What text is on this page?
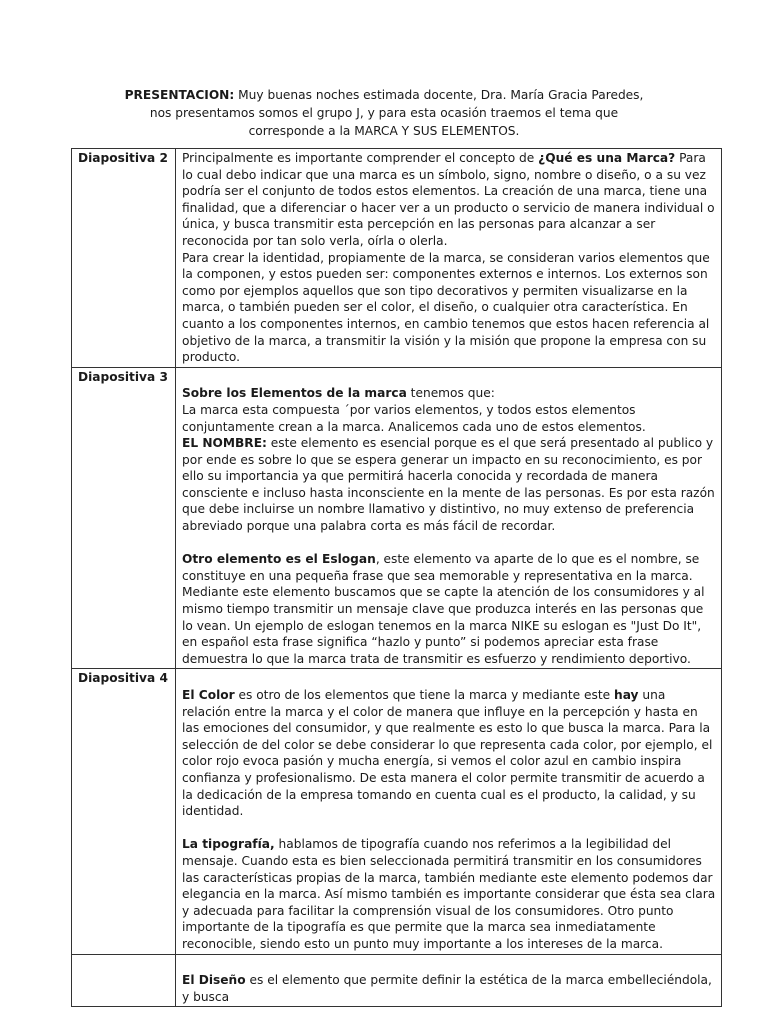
PRESENTACION: Muy buenas noches estimada docente, Dra. María Gracia Paredes, nos presentamos somos el grupo J, y para esta ocasión traemos el tema que corresponde a la MARCA Y SUS ELEMENTOS.
Diapositiva 2	Principalmente es importante comprender el concepto de ¿Qué es una Marca? Para lo cual debo indicar que una marca es un símbolo, signo, nombre o diseño, o a su vez podría ser el conjunto de todos estos elementos. La creación de una marca, tiene una finalidad, que a diferenciar o hacer ver a un producto o servicio de manera individual o única, y busca transmitir esta percepción en las personas para alcanzar a ser reconocida por tan solo verla, oírla o olerla.
Para crear la identidad, propiamente de la marca, se consideran varios elementos que la componen, y estos pueden ser: componentes externos e internos. Los externos son como por ejemplos aquellos que son tipo decorativos y permiten visualizarse en la marca, o también pueden ser el color, el diseño, o cualquier otra característica. En cuanto a los componentes internos, en cambio tenemos que estos hacen referencia al objetivo de la marca, a transmitir la visión y la misión que propone la empresa con su producto.

Diapositiva 3	Sobre los Elementos de la marca tenemos que:
La marca esta compuesta ´por varios elementos, y todos estos elementos conjuntamente crean a la marca. Analicemos cada uno de estos elementos.
EL NOMBRE: este elemento es esencial porque es el que será presentado al publico y por ende es sobre lo que se espera generar un impacto en su reconocimiento, es por ello su importancia ya que permitirá hacerla conocida y recordada de manera consciente e incluso hasta inconsciente en la mente de las personas. Es por esta razón que debe incluirse un nombre llamativo y distintivo, no muy extenso de preferencia abreviado porque una palabra corta es más fácil de recordar.
Otro elemento es el Eslogan, este elemento va aparte de lo que es el nombre, se constituye en una pequeña frase que sea memorable y representativa en la marca. Mediante este elemento buscamos que se capte la atención de los consumidores y al mismo tiempo transmitir un mensaje clave que produzca interés en las personas que lo vean. Un ejemplo de eslogan tenemos en la marca NIKE su eslogan es "Just Do It", en español esta frase significa “hazlo y punto” si podemos apreciar esta frase demuestra lo que la marca trata de transmitir es esfuerzo y rendimiento deportivo.

Diapositiva 4	El Color es otro de los elementos que tiene la marca y mediante este hay una relación entre la marca y el color de manera que influye en la percepción y hasta en las emociones del consumidor, y que realmente es esto lo que busca la marca. Para la selección de del color se debe considerar lo que representa cada color, por ejemplo, el color rojo evoca pasión y mucha energía, si vemos el color azul en cambio inspira confianza y profesionalismo. De esta manera el color permite transmitir de acuerdo a la dedicación de la empresa tomando en cuenta cual es el producto, la calidad, y su identidad.
La tipografía, hablamos de tipografía cuando nos referimos a la legibilidad del mensaje. Cuando esta es bien seleccionada permitirá transmitir en los consumidores las características propias de la marca, también mediante este elemento podemos dar elegancia en la marca. Así mismo también es importante considerar que ésta sea clara y adecuada para facilitar la comprensión visual de los consumidores. Otro punto importante de la tipografía es que permite que la marca sea inmediatamente reconocible, siendo esto un punto muy importante a los intereses de la marca.

	El Diseño es el elemento que permite definir la estética de la marca embelleciéndola, y busca
